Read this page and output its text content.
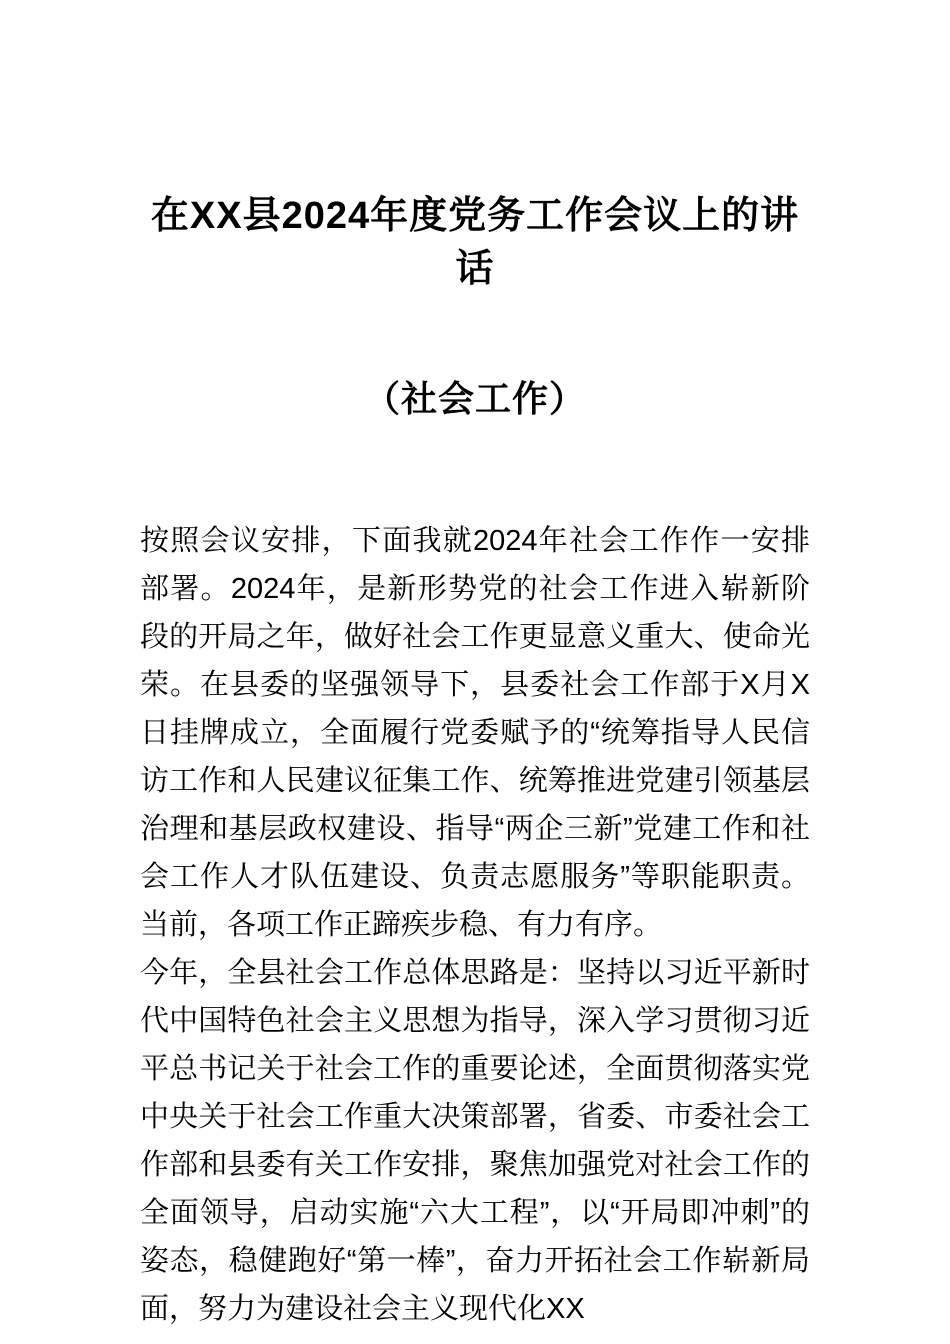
在XX县2024年度党务工作会议上的讲话
（社会工作）

按照会议安排，下面我就2024年社会工作作一安排部署。2024年，是新形势党的社会工作进入崭新阶段的开局之年，做好社会工作更显意义重大、使命光荣。在县委的坚强领导下，县委社会工作部于X月X日挂牌成立，全面履行党委赋予的“统筹指导人民信访工作和人民建议征集工作、统筹推进党建引领基层治理和基层政权建设、指导“两企三新”党建工作和社会工作人才队伍建设、负责志愿服务”等职能职责。当前，各项工作正蹄疾步稳、有力有序。

今年，全县社会工作总体思路是：坚持以习近平新时代中国特色社会主义思想为指导，深入学习贯彻习近平总书记关于社会工作的重要论述，全面贯彻落实党中央关于社会工作重大决策部署，省委、市委社会工作部和县委有关工作安排，聚焦加强党对社会工作的全面领导，启动实施“六大工程”，以“开局即冲刺”的姿态，稳健跑好“第一棒”，奋力开拓社会工作崭新局面，努力为建设社会主义现代化XX
